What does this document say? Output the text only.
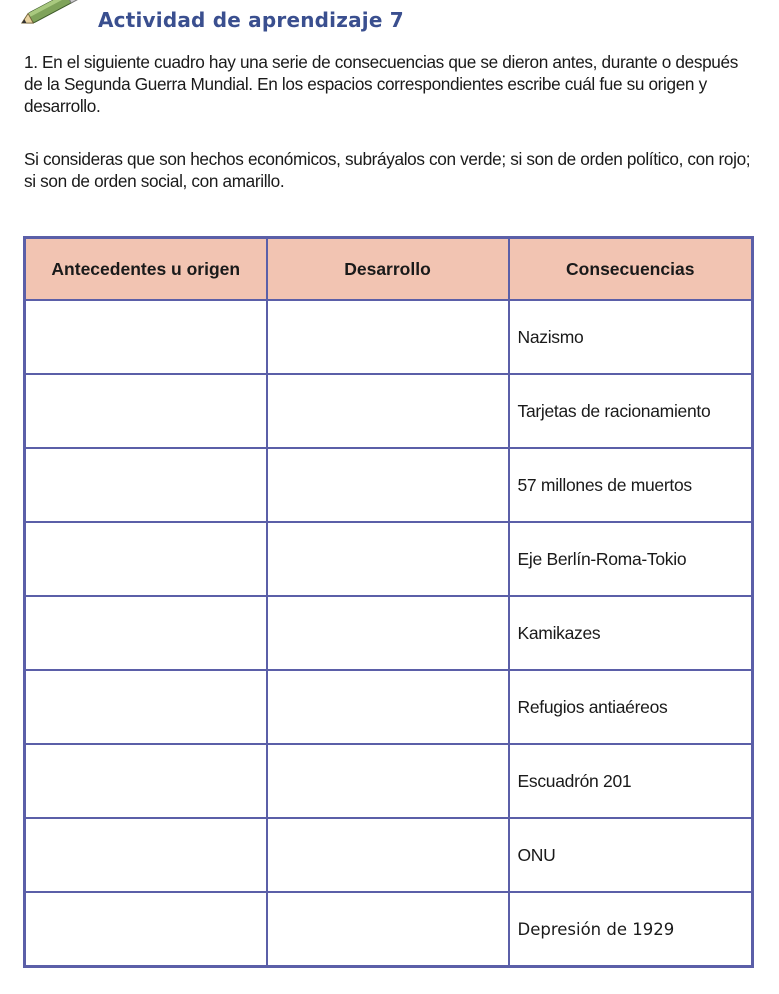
Actividad de aprendizaje 7

1. En el siguiente cuadro hay una serie de consecuencias que se dieron antes, durante o después de la Segunda Guerra Mundial. En los espacios correspondientes escribe cuál fue su origen y desarrollo.

Si consideras que son hechos económicos, subráyalos con verde; si son de orden político, con rojo; si son de orden social, con amarillo.

Antecedentes u origen	Desarrollo	Consecuencias
		Nazismo
		Tarjetas de racionamiento
		57 millones de muertos
		Eje Berlín-Roma-Tokio
		Kamikazes
		Refugios antiaéreos
		Escuadrón 201
		ONU
		Depresión de 1929
